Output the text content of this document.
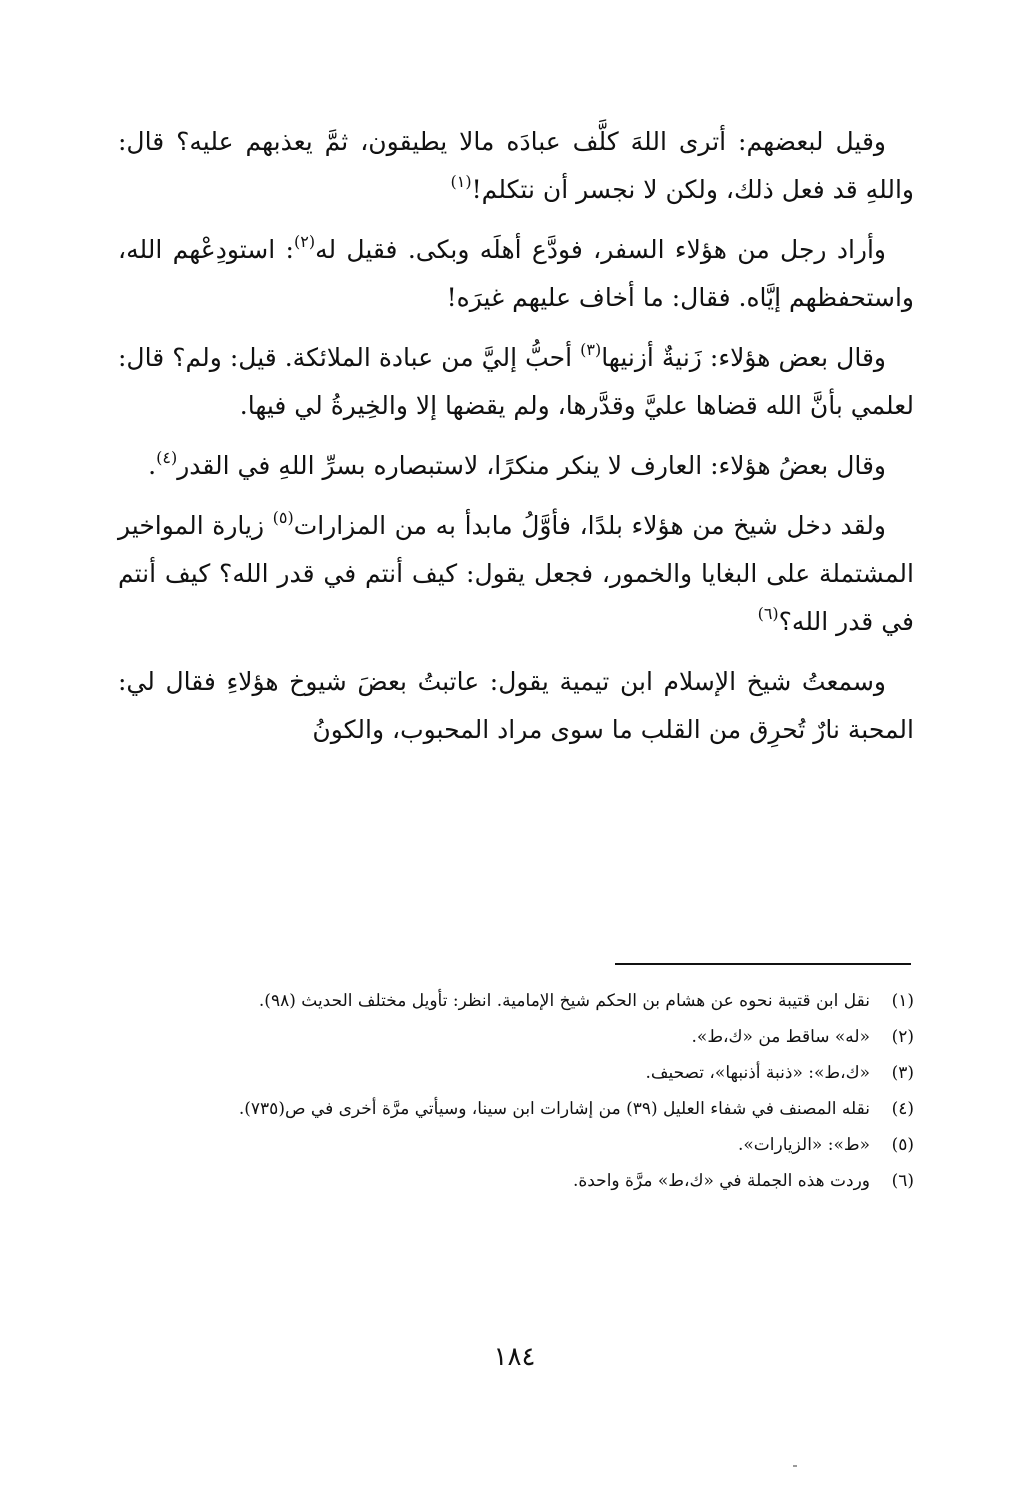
وقيل لبعضهم: أترى اللهَ كلَّف عبادَه مالا يطيقون، ثمَّ يعذبهم عليه؟ قال: واللهِ قد فعل ذلك، ولكن لا نجسر أن نتكلم!$^{(١)}$

وأراد رجل من هؤلاء السفر، فودَّع أهلَه وبكى. فقيل له$^{(٢)}$: استودِعْهم الله، واستحفظهم إيَّاه. فقال: ما أخاف عليهم غيرَه!

وقال بعض هؤلاء: زَنيةٌ أزنيها$^{(٣)}$ أحبُّ إليَّ من عبادة الملائكة. قيل: ولم؟ قال: لعلمي بأنَّ الله قضاها عليَّ وقدَّرها، ولم يقضها إلا والخِيرةُ لي فيها.

وقال بعضُ هؤلاء: العارف لا ينكر منكرًا، لاستبصاره بسرِّ اللهِ في القدر$^{(٤)}$.

ولقد دخل شيخ من هؤلاء بلدًا، فأوَّلُ مابدأ به من المزارات$^{(٥)}$ زيارة المواخير المشتملة على البغايا والخمور، فجعل يقول: كيف أنتم في قدر الله؟ كيف أنتم في قدر الله؟$^{(٦)}$

وسمعتُ شيخ الإسلام ابن تيمية يقول: عاتبتُ بعضَ شيوخ هؤلاءِ فقال لي: المحبة نارٌ تُحرِق من القلب ما سوى مراد المحبوب، والكونُ

(١)
نقل ابن قتيبة نحوه عن هشام بن الحكم شيخ الإمامية. انظر: تأويل مختلف الحديث (٩٨).
(٢)
«له» ساقط من «ك،ط».
(٣)
«ك،ط»: «ذنبة أذنبها»، تصحيف.
(٤)
نقله المصنف في شفاء العليل (٣٩) من إشارات ابن سينا، وسيأتي مرَّة أخرى في ص(٧٣٥).
(٥)
«ط»: «الزيارات».
(٦)
وردت هذه الجملة في «ك،ط» مرَّة واحدة.
١٨٤
